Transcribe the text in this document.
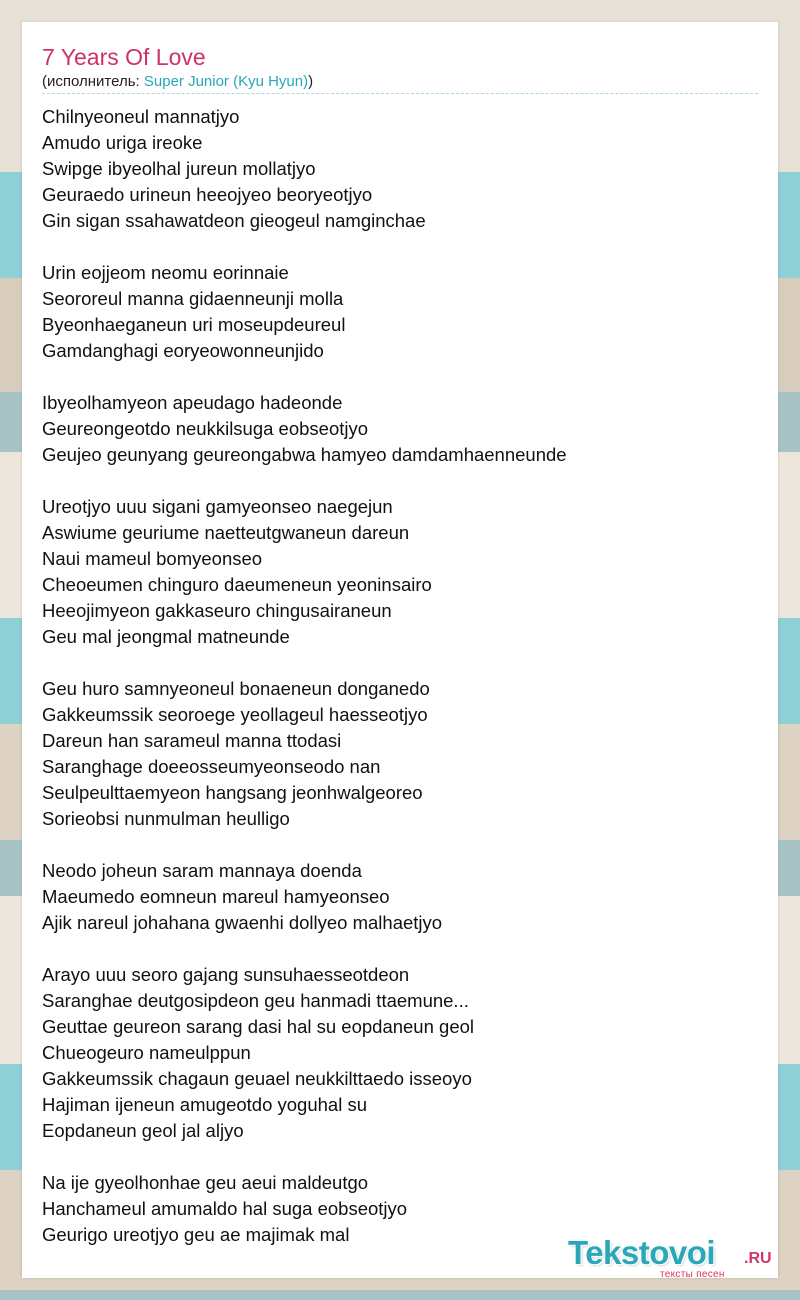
7 Years Of Love
(исполнитель: Super Junior (Kyu Hyun))
Chilnyeoneul mannatjyo
Amudo uriga ireoke
Swipge ibyeolhal jureun mollatjyo
Geuraedo urineun heeojyeo beoryeotjyo
Gin sigan ssahawatdeon gieogeul namginchae
Urin eojjeom neomu eorinnaie
Seororeul manna gidaenneunji molla
Byeonhaeganeun uri moseupdeureul
Gamdanghagi eoryeowonneunjido
Ibyeolhamyeon apeudago hadeonde
Geureongeotdo neukkilsuga eobseotjyo
Geujeo geunyang geureongabwa hamyeo damdamhaenneunde
Ureotjyo uuu sigani gamyeonseo naegejun
Aswiume geuriume naetteutgwaneun dareun
Naui mameul bomyeonseo
Cheoeumen chinguro daeumeneun yeoninsairo
Heeojimyeon gakkaseuro chingusairaneun
Geu mal jeongmal matneunde
Geu huro samnyeoneul bonaeneun donganedo
Gakkeumssik seoroege yeollageul haesseotjyo
Dareun han sarameul manna ttodasi
Saranghage doeeosseumyeonseodo nan
Seulpeulttaemyeon hangsang jeonhwalgeoreo
Sorieobsi nunmulman heulligo
Neodo joheun saram mannaya doenda
Maeumedo eomneun mareul hamyeonseo
Ajik nareul johahana gwaenhi dollyeo malhaetjyo
Arayo uuu seoro gajang sunsuhaesseotdeon
Saranghae deutgosipdeon geu hanmadi ttaemune...
Geuttae geureon sarang dasi hal su eopdaneun geol
Chueogeuro nameulppun
Gakkeumssik chagaun geuael neukkilttaedo isseoyo
Hajiman ijeneun amugeotdo yoguhal su
Eopdaneun geol jal aljyo
Na ije gyeolhonhae geu aeui maldeutgo
Hanchameul amumaldo hal suga eobseotjyo
Geurigo ureotjyo geu ae majimak mal	Tekstovoi .RU
тексты песен
